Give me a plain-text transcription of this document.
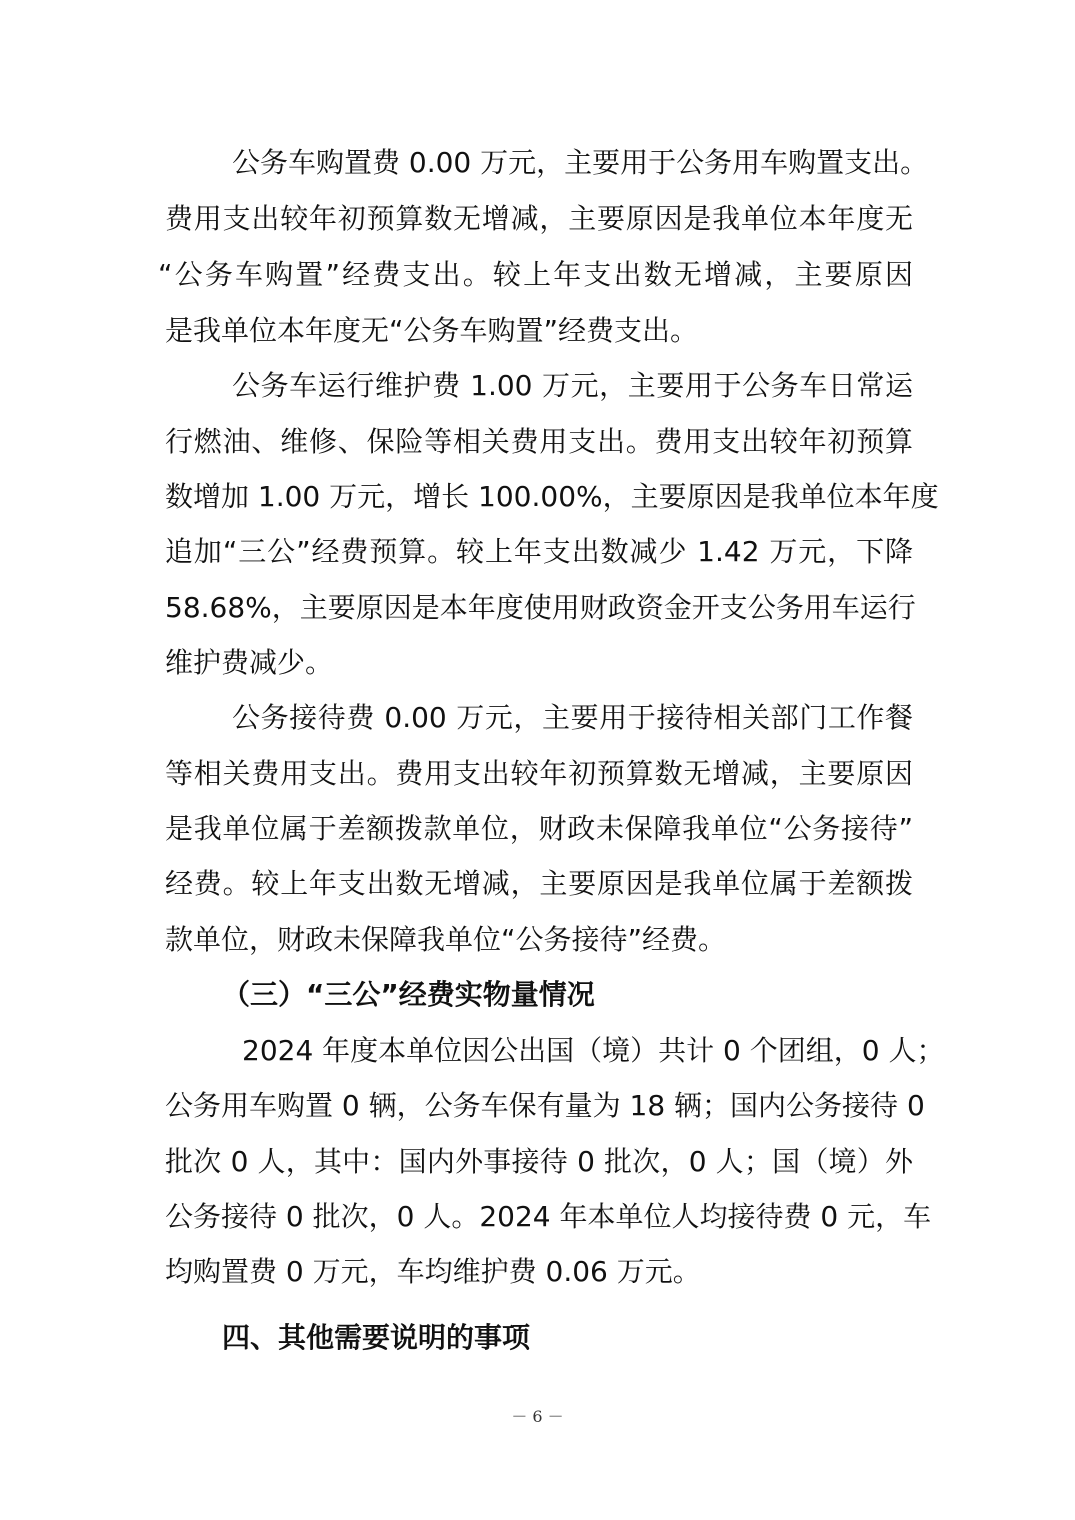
公务车购置费 0.00 万元，主要用于公务用车购置支出。
费用支出较年初预算数无增减，主要原因是我单位本年度无
“公务车购置”经费支出。较上年支出数无增减，主要原因
是我单位本年度无“公务车购置”经费支出。
公务车运行维护费 1.00 万元，主要用于公务车日常运
行燃油、维修、保险等相关费用支出。费用支出较年初预算
数增加 1.00 万元，增长 100.00%，主要原因是我单位本年度
追加“三公”经费预算。较上年支出数减少 1.42 万元，下降
58.68%，主要原因是本年度使用财政资金开支公务用车运行
维护费减少。
公务接待费 0.00 万元，主要用于接待相关部门工作餐
等相关费用支出。费用支出较年初预算数无增减，主要原因
是我单位属于差额拨款单位，财政未保障我单位“公务接待”
经费。较上年支出数无增减，主要原因是我单位属于差额拨
款单位，财政未保障我单位“公务接待”经费。
（三）“三公”经费实物量情况
2024 年度本单位因公出国（境）共计 0 个团组，0 人；
公务用车购置 0 辆，公务车保有量为 18 辆；国内公务接待 0
批次 0 人，其中：国内外事接待 0 批次，0 人；国（境）外
公务接待 0 批次，0 人。2024 年本单位人均接待费 0 元，车
均购置费 0 万元，车均维护费 0.06 万元。
四、其他需要说明的事项
－ 6 －
